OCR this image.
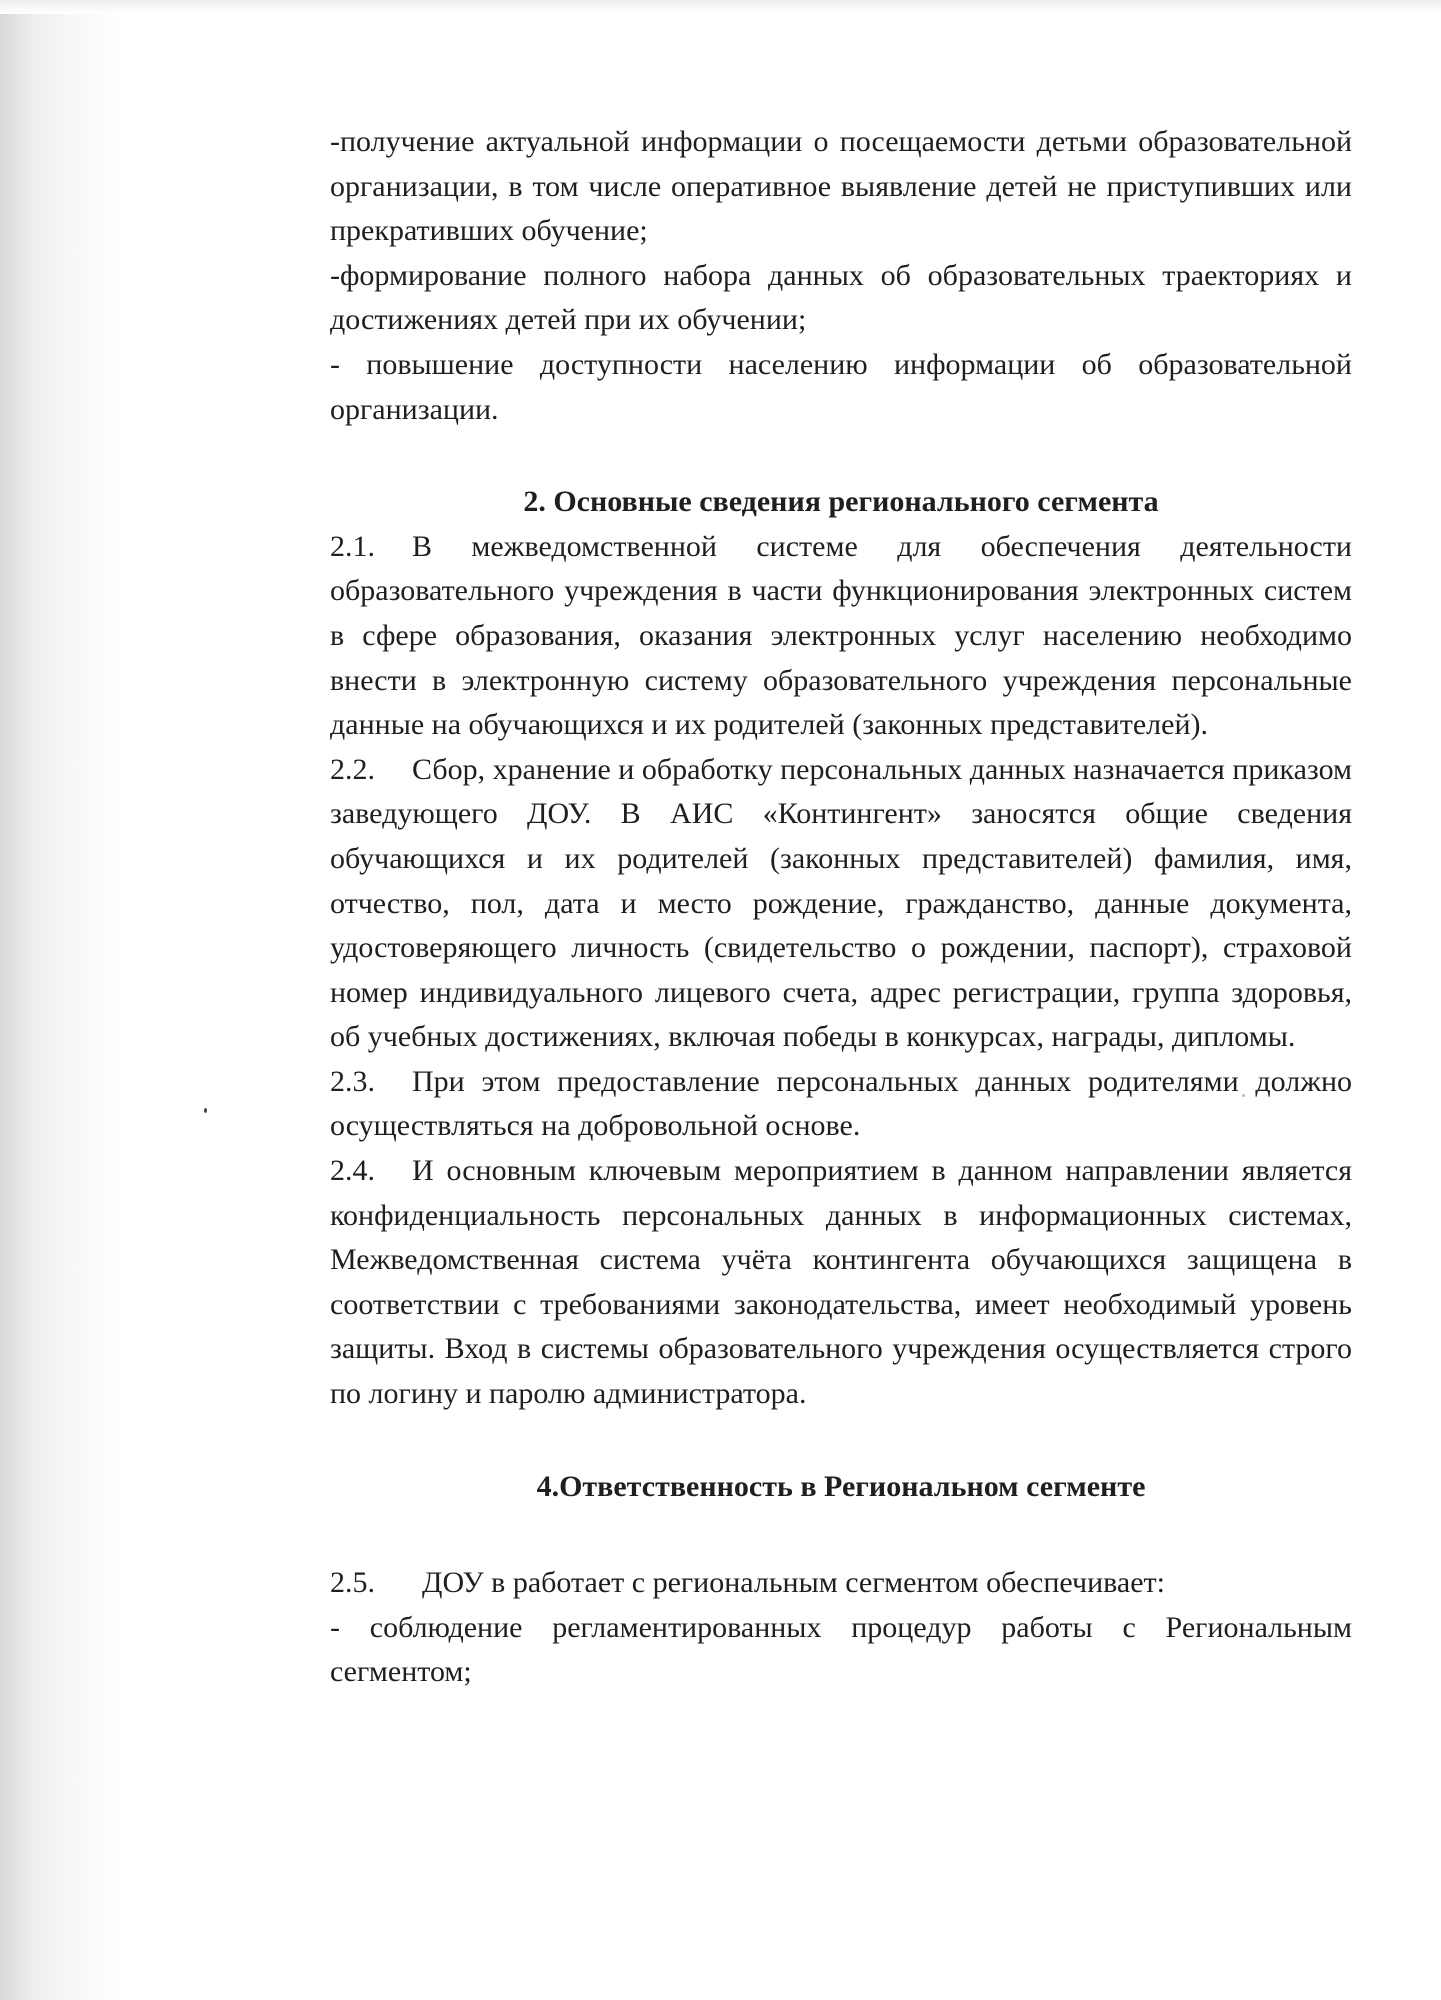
-получение актуальной информации о посещаемости детьми образовательной организации, в том числе оперативное выявление детей не приступивших или прекративших обучение;

-формирование полного набора данных об образовательных траекториях и достижениях детей при их обучении;

- повышение доступности населению информации об образовательной организации.

2. Основные сведения регионального сегмента

2.1. В межведомственной системе для обеспечения деятельности образовательного учреждения в части функционирования электронных систем в сфере образования, оказания электронных услуг населению необходимо внести в электронную систему образовательного учреждения персональные данные на обучающихся и их родителей (законных представителей).

2.2. Сбор, хранение и обработку персональных данных назначается приказом заведующего ДОУ. В АИС «Контингент» заносятся общие сведения обучающихся и их родителей (законных представителей) фамилия, имя, отчество, пол, дата и место рождение, гражданство, данные документа, удостоверяющего личность (свидетельство о рождении, паспорт), страховой номер индивидуального лицевого счета, адрес регистрации, группа здоровья, об учебных достижениях, включая победы в конкурсах, награды, дипломы.

2.3. При этом предоставление персональных данных родителями должно осуществляться на добровольной основе.

2.4. И основным ключевым мероприятием в данном направлении является конфиденциальность персональных данных в информационных системах, Межведомственная система учёта контингента обучающихся защищена в соответствии с требованиями законодательства, имеет необходимый уровень защиты. Вход в системы образовательного учреждения осуществляется строго по логину и паролю администратора.

4.Ответственность в Региональном сегменте

2.5. ДОУ в работает с региональным сегментом обеспечивает:

- соблюдение регламентированных процедур работы с Региональным сегментом;
